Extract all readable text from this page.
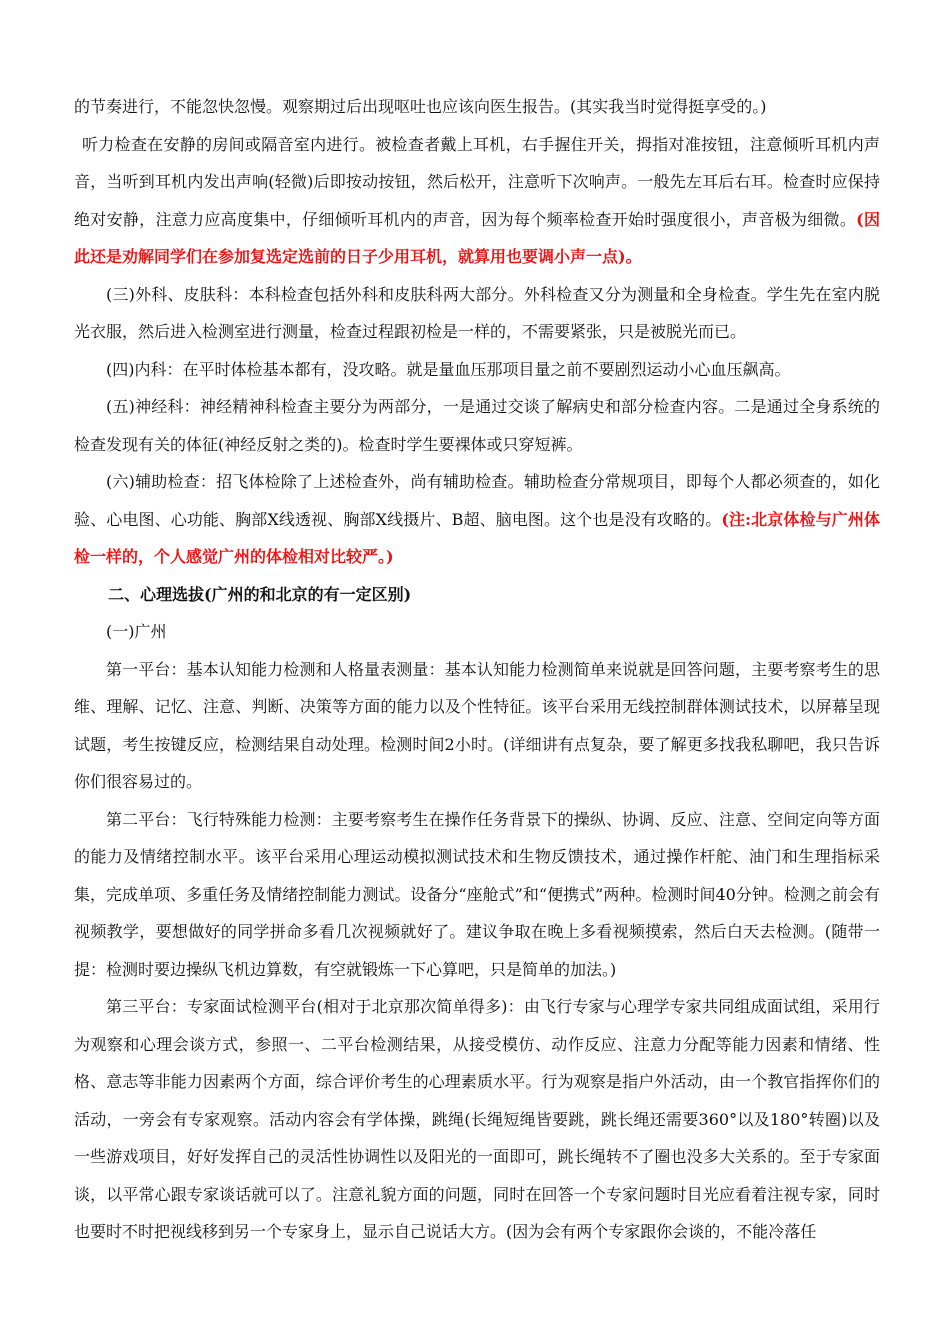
的节奏进行，不能忽快忽慢。观察期过后出现呕吐也应该向医生报告。(其实我当时觉得挺享受的。)

听力检查在安静的房间或隔音室内进行。被检查者戴上耳机，右手握住开关，拇指对准按钮，注意倾听耳机内声音，当听到耳机内发出声响(轻微)后即按动按钮，然后松开，注意听下次响声。一般先左耳后右耳。检查时应保持绝对安静，注意力应高度集中，仔细倾听耳机内的声音，因为每个频率检查开始时强度很小，声音极为细微。(因此还是劝解同学们在参加复选定选前的日子少用耳机，就算用也要调小声一点)。

(三)外科、皮肤科：本科检查包括外科和皮肤科两大部分。外科检查又分为测量和全身检查。学生先在室内脱光衣服，然后进入检测室进行测量，检查过程跟初检是一样的，不需要紧张，只是被脱光而已。

(四)内科：在平时体检基本都有，没攻略。就是量血压那项目量之前不要剧烈运动小心血压飙高。

(五)神经科：神经精神科检查主要分为两部分，一是通过交谈了解病史和部分检查内容。二是通过全身系统的检查发现有关的体征(神经反射之类的)。检查时学生要裸体或只穿短裤。

(六)辅助检查：招飞体检除了上述检查外，尚有辅助检查。辅助检查分常规项目，即每个人都必须查的，如化验、心电图、心功能、胸部X线透视、胸部X线摄片、B超、脑电图。这个也是没有攻略的。(注:北京体检与广州体检一样的，个人感觉广州的体检相对比较严。)

二、心理选拔(广州的和北京的有一定区别)

(一)广州

第一平台：基本认知能力检测和人格量表测量：基本认知能力检测简单来说就是回答问题，主要考察考生的思维、理解、记忆、注意、判断、决策等方面的能力以及个性特征。该平台采用无线控制群体测试技术，以屏幕呈现试题，考生按键反应，检测结果自动处理。检测时间2小时。(详细讲有点复杂，要了解更多找我私聊吧，我只告诉你们很容易过的。

第二平台：飞行特殊能力检测：主要考察考生在操作任务背景下的操纵、协调、反应、注意、空间定向等方面的能力及情绪控制水平。该平台采用心理运动模拟测试技术和生物反馈技术，通过操作杆舵、油门和生理指标采集，完成单项、多重任务及情绪控制能力测试。设备分“座舱式”和“便携式”两种。检测时间40分钟。检测之前会有视频教学，要想做好的同学拼命多看几次视频就好了。建议争取在晚上多看视频摸索，然后白天去检测。(随带一提：检测时要边操纵飞机边算数，有空就锻炼一下心算吧，只是简单的加法。)

第三平台：专家面试检测平台(相对于北京那次简单得多)：由飞行专家与心理学专家共同组成面试组，采用行为观察和心理会谈方式，参照一、二平台检测结果，从接受模仿、动作反应、注意力分配等能力因素和情绪、性格、意志等非能力因素两个方面，综合评价考生的心理素质水平。行为观察是指户外活动，由一个教官指挥你们的活动，一旁会有专家观察。活动内容会有学体操，跳绳(长绳短绳皆要跳，跳长绳还需要360°以及180°转圈)以及一些游戏项目，好好发挥自己的灵活性协调性以及阳光的一面即可，跳长绳转不了圈也没多大关系的。至于专家面谈，以平常心跟专家谈话就可以了。注意礼貌方面的问题，同时在回答一个专家问题时目光应看着注视专家，同时也要时不时把视线移到另一个专家身上，显示自己说话大方。(因为会有两个专家跟你会谈的，不能冷落任
